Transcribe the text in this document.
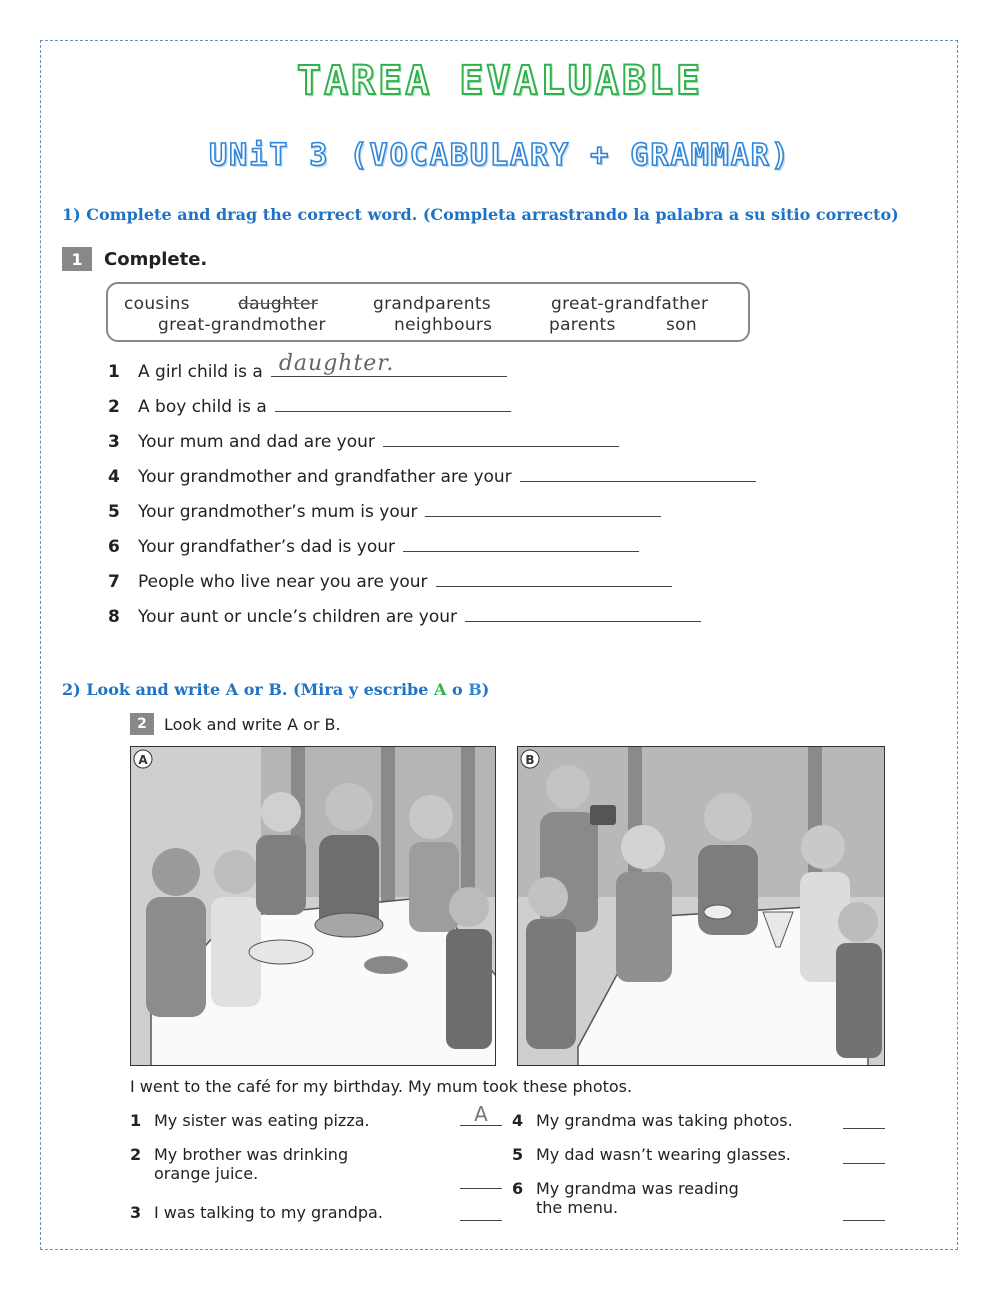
TAREA EVALUABLE
UNiT 3 (VOCABULARY + GRAMMAR)
1) Complete and drag the correct word. (Completa arrastrando la palabra a su sitio correcto)
1	Complete.
cousins	daughter	grandparents	great-grandfather
great-grandmother	neighbours	parents	son
1	A girl child is a daughter.
2	A boy child is a
3	Your mum and dad are your
4	Your grandmother and grandfather are your
5	Your grandmother’s mum is your
6	Your grandfather’s dad is your
7	People who live near you are your
8	Your aunt or uncle’s children are your
2) Look and write A or B. (Mira y escribe A o B)
2	Look and write A or B.
A	B
I went to the café for my birthday. My mum took these photos.
1 My sister was eating pizza.	A
2 My brother was drinking
orange juice.
3 I was talking to my grandpa.
4 My grandma was taking photos.
5 My dad wasn’t wearing glasses.
6 My grandma was reading
the menu.
